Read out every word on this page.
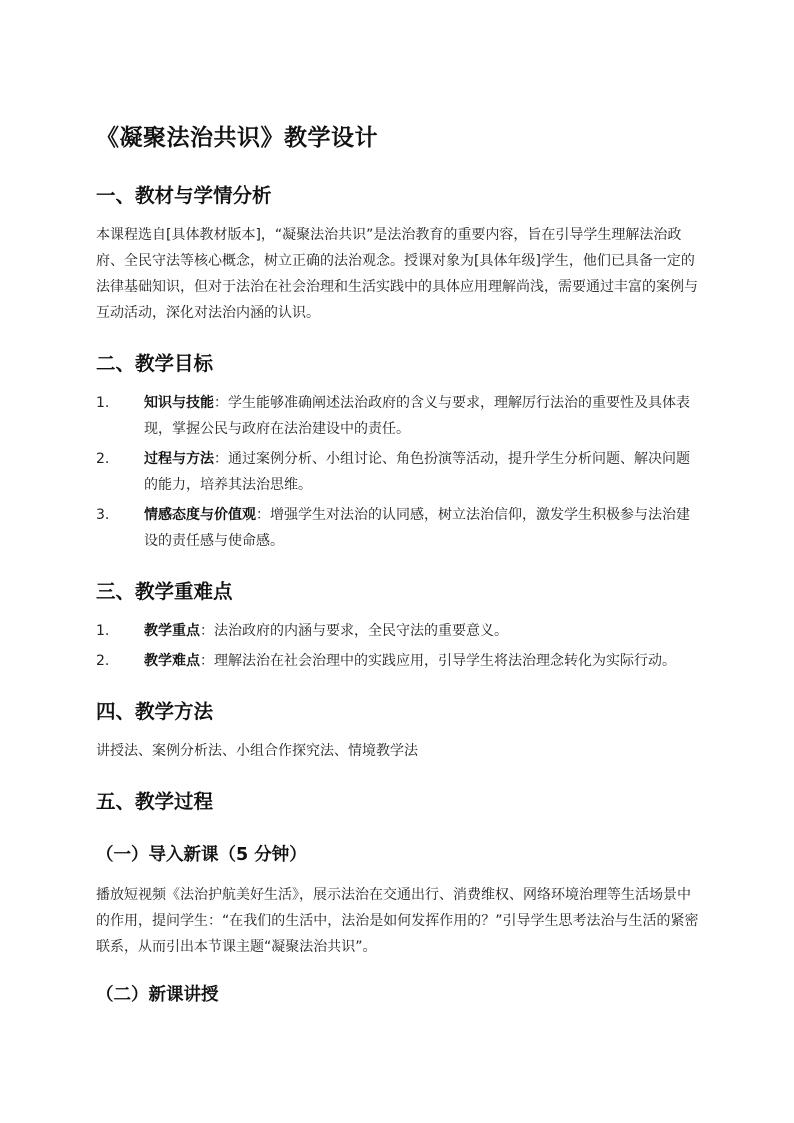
《凝聚法治共识》教学设计
一、教材与学情分析

本课程选自[具体教材版本]，“凝聚法治共识”是法治教育的重要内容，旨在引导学生理解法治政府、全民守法等核心概念，树立正确的法治观念。授课对象为[具体年级]学生，他们已具备一定的法律基础知识，但对于法治在社会治理和生活实践中的具体应用理解尚浅，需要通过丰富的案例与互动活动，深化对法治内涵的认识。

二、教学目标
1. 知识与技能：学生能够准确阐述法治政府的含义与要求，理解厉行法治的重要性及具体表现，掌握公民与政府在法治建设中的责任。
2. 过程与方法：通过案例分析、小组讨论、角色扮演等活动，提升学生分析问题、解决问题的能力，培养其法治思维。
3. 情感态度与价值观：增强学生对法治的认同感，树立法治信仰，激发学生积极参与法治建设的责任感与使命感。
三、教学重难点
1. 教学重点：法治政府的内涵与要求，全民守法的重要意义。
2. 教学难点：理解法治在社会治理中的实践应用，引导学生将法治理念转化为实际行动。
四、教学方法

讲授法、案例分析法、小组合作探究法、情境教学法

五、教学过程
（一）导入新课（5 分钟）

播放短视频《法治护航美好生活》，展示法治在交通出行、消费维权、网络环境治理等生活场景中的作用，提问学生：“在我们的生活中，法治是如何发挥作用的？”引导学生思考法治与生活的紧密联系，从而引出本节课主题“凝聚法治共识”。

（二）新课讲授
